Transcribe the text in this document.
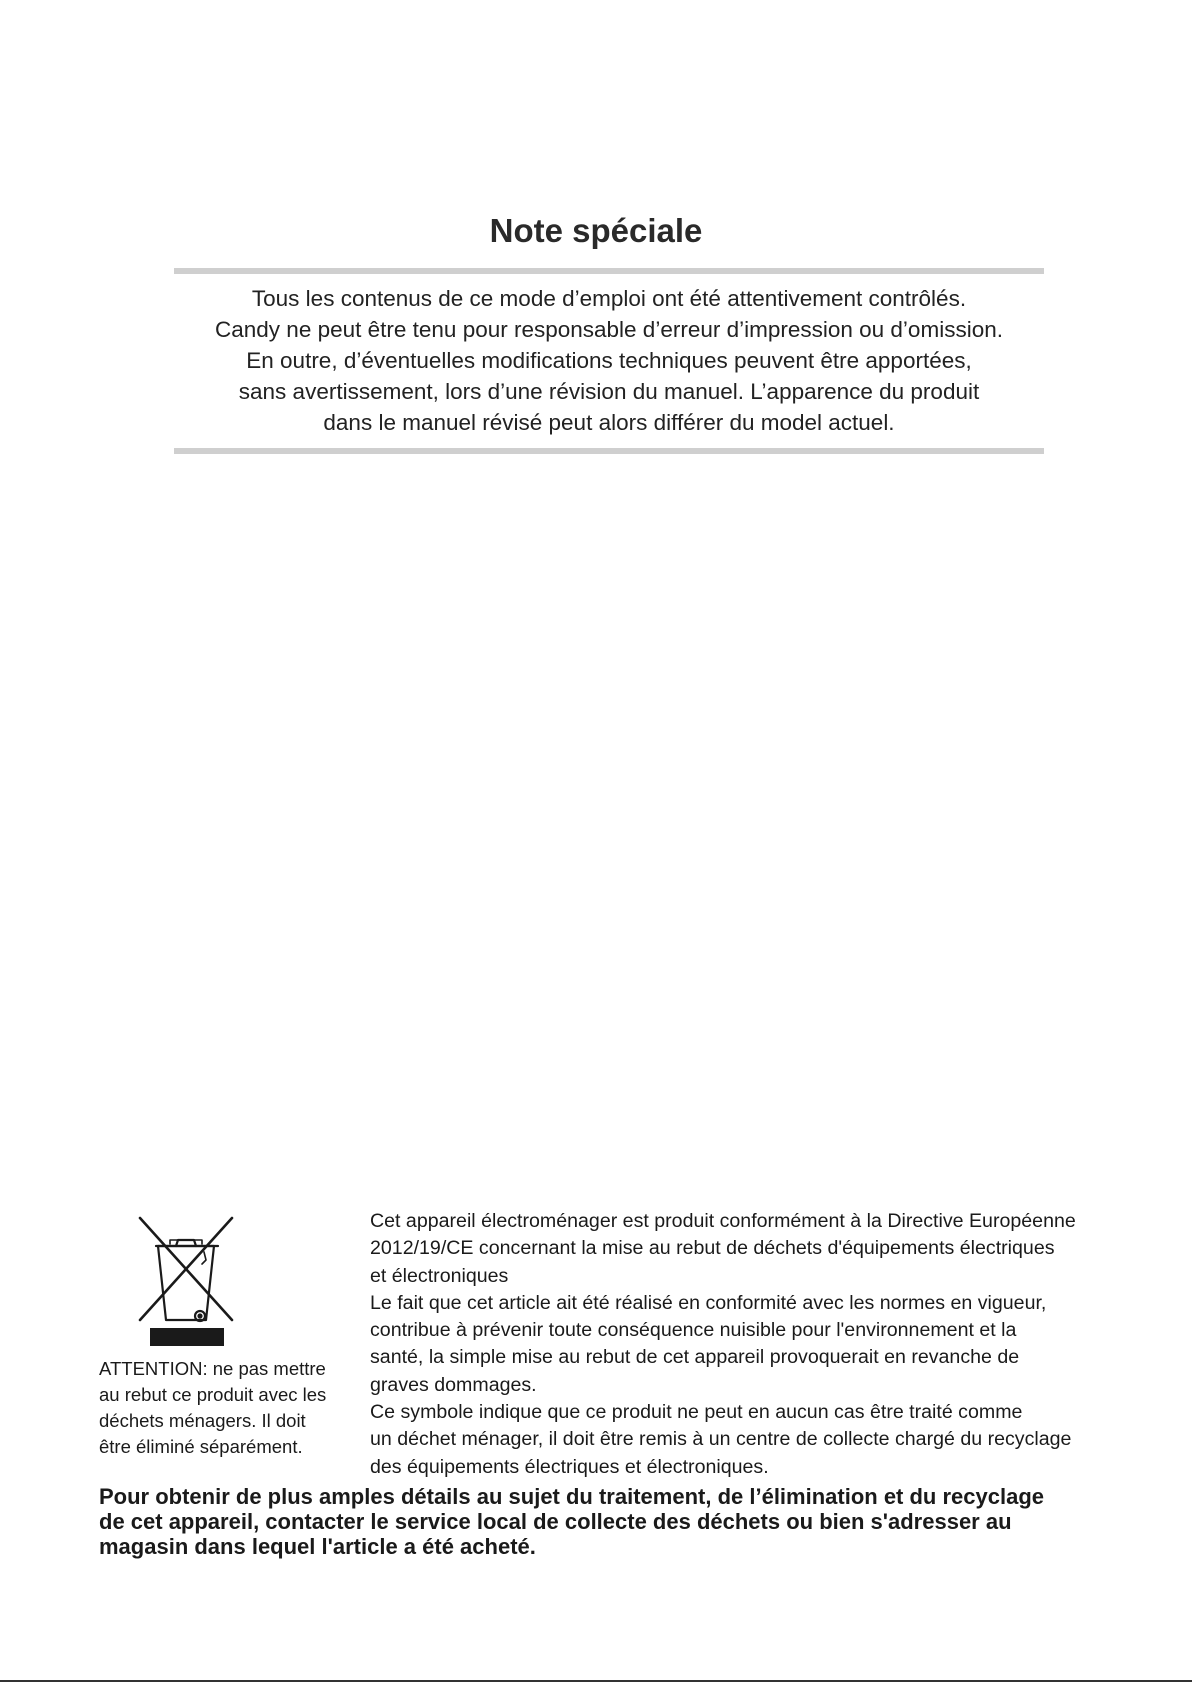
Note spéciale
Tous les contenus de ce mode d’emploi ont été attentivement contrôlés.
Candy ne peut être tenu pour responsable d’erreur d’impression ou d’omission.
En outre, d’éventuelles modifications techniques peuvent être apportées,
sans avertissement, lors d’une révision du manuel. L’apparence du produit
dans le manuel révisé peut alors différer du model actuel.
ATTENTION: ne pas mettre
au rebut ce produit avec les
déchets ménagers. Il doit
être éliminé séparément.
Cet appareil électroménager est produit conformément à la Directive Européenne
2012/19/CE concernant la mise au rebut de déchets d'équipements électriques
et électroniques
Le fait que cet article ait été réalisé en conformité avec les normes en vigueur,
contribue à prévenir toute conséquence nuisible pour l'environnement et la
santé, la simple mise au rebut de cet appareil provoquerait en revanche de
graves dommages.
Ce symbole indique que ce produit ne peut en aucun cas être traité comme
un déchet ménager, il doit être remis à un centre de collecte chargé du recyclage
des équipements électriques et électroniques.
Pour obtenir de plus amples détails au sujet du traitement, de l’élimination et du recyclage
de cet appareil, contacter le service local de collecte des déchets ou bien s'adresser au
magasin dans lequel l'article a été acheté.
